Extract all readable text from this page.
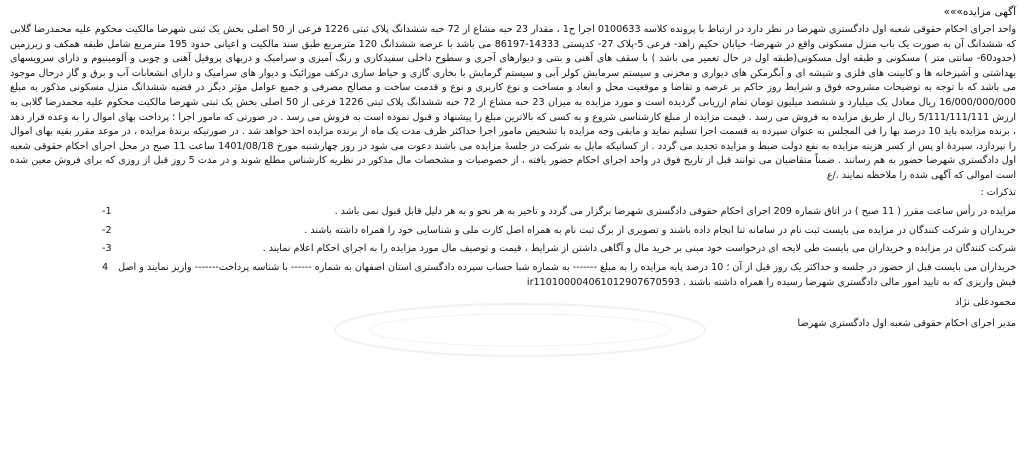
آگهی مزایده»»»

واحد اجرای احکام حقوقی شعبه اول دادگستری شهرضا در نظر دارد در ارتباط با پرونده کلاسه 0100633 اجرا ح1 ، مقدار 23 حبه مشاع از 72 حبه ششدانگ پلاک ثبتی 1226 فرعی از 50 اصلی بخش یک ثبتی شهرضا مالکیت محکوم علیه محمدرضا گلابی که ششدانگ آن به صورت یک باب منزل مسکونی واقع در شهرضا- خیابان حکیم زاهد- فرعی 5-پلاک 27- کدپستی 14333-86197 می باشد با عرصه ششدانگ 120 مترمربع طبق سند مالکیت و اعیانی حدود 195 مترمربع شامل طبقه همکف و زیرزمین (حدود60- سانتی متر ) مسکونی و طبقه اول مسکونی(طبقه اول در حال تعمیر می باشد ) با سقف های آهنی و بتنی و دیوارهای آجری و سطوح داخلی سفیدکاری و رنگ آمیزی و سرامیک و دربهای پروفیل آهنی و چوبی و آلومینیوم و دارای سرویسهای بهداشتی و آشپزخانه ها و کابینت های فلزی و شیشه ای و آبگرمکن های دیواری و مخزنی و سیستم سرمایش کولر آبی و سیستم گرمایش با بخاری گازی و حیاط سازی درکف موزائیک و دیوار های سرامیک و دارای انشعابات آب و برق و گاز درحال موجود می باشد که با توجه به توضیحات مشروحه فوق و شرایط روز حاکم بر عرضه و تقاضا و موقعیت محل و ابعاد و مساحت و نوع کاربری و نوع و قدمت ساخت و مصالح مصرفی و جمیع عوامل مؤثر دیگر در قضیه ششدانگ منزل مسکونی مذکور به مبلغ 16/000/000/000 ریال معادل یک میلیارد و ششصد میلیون تومان تمام ارزیابی گردیده است و مورد مزایده به میزان 23 حبه مشاع از 72 حبه ششدانگ پلاک ثبتی 1226 فرعی از 50 اصلی بخش یک ثبتی شهرضا مالکیت محکوم علیه محمدرضا گلابی به ارزش 5/111/111/111 ریال از طریق مزایده به فروش می رسد . قیمت مزایده از مبلغ کارشناسی شروع و به کسی که بالاترین مبلغ را پیشنهاد و قبول نموده است به فروش می رسد . در صورتی که مامور اجرا ؛ پرداخت بهای اموال را به وعده قرار دهد ، برنده مزایده باید 10 درصد بها را فی المجلس به عنوان سپرده به قسمت اجرا تسلیم نماید و مابقی وجه مزایده با تشخیص مامور اجرا حداکثر ظرف مدت یک ماه از برنده مزایده اخذ خواهد شد . در صورتیکه برندۀ مزایده ، در موعد مقرر بقیه بهای اموال را نپردازد، سپردۀ او پس از کسر هزینه مزایده به نفع دولت ضبط و مزایده تجدید می گردد . از کسانیکه مایل به شرکت در جلسۀ مزایده می باشند دعوت می شود در روز چهارشنبه مورخ 1401/08/18 ساعت 11 صبح در محل اجرای احکام حقوقی شعبه اول دادگستری شهرضا حضور به هم رسانند . ضمناً متقاضیان می توانند قبل از تاریخ فوق در واحد اجرای احکام حضور یافته ، از خصوصیات و مشخصات مال مذکور در نظریه کارشناس مطلع شوند و در مدت 5 روز قبل از روزی که برای فروش معین شده است اموالی که آگهی شده را ملاحظه نمایند ./ع

تذکرات :
مزایده در رأس ساعت مقرر ( 11 صبح ) در اتاق شماره 209 اجرای احکام حقوقی دادگستری شهرضا برگزار می گردد و تاخیر به هر نحو و به هر دلیل قابل قبول نمی باشد .
-1
خریداران و شرکت کنندگان در مزایده می بایست ثبت نام در سامانه ثنا انجام داده باشند و تصویری از برگ ثبت نام به همراه اصل کارت ملی و شناسایی خود را همراه داشته باشند .
-2
شرکت کنندگان در مزایده و خریداران می بایست طی لایحه ای درخواست خود مبنی بر خرید مال و آگاهی داشتن از شرایط ، قیمت و توصیف مال مورد مزایده را به اجرای احکام اعلام نمایند .
-3
خریداران می بایست قبل از حضور در جلسه و حداکثر یک روز قبل از آن ؛ 10 درصد پایه مزایده را به مبلغ ------- به شماره شبا حساب سپرده دادگستری استان اصفهان به شماره ------ با شناسه پرداخت------- واریز نمایند و اصل فیش واریزی که به تایید امور مالی دادگستری شهرضا رسیده را همراه داشته باشند . ir110100004061012907670593
4
محمودعلی نژاد
مدیر اجرای احکام حقوقی شعبه اول دادگستری شهرضا
